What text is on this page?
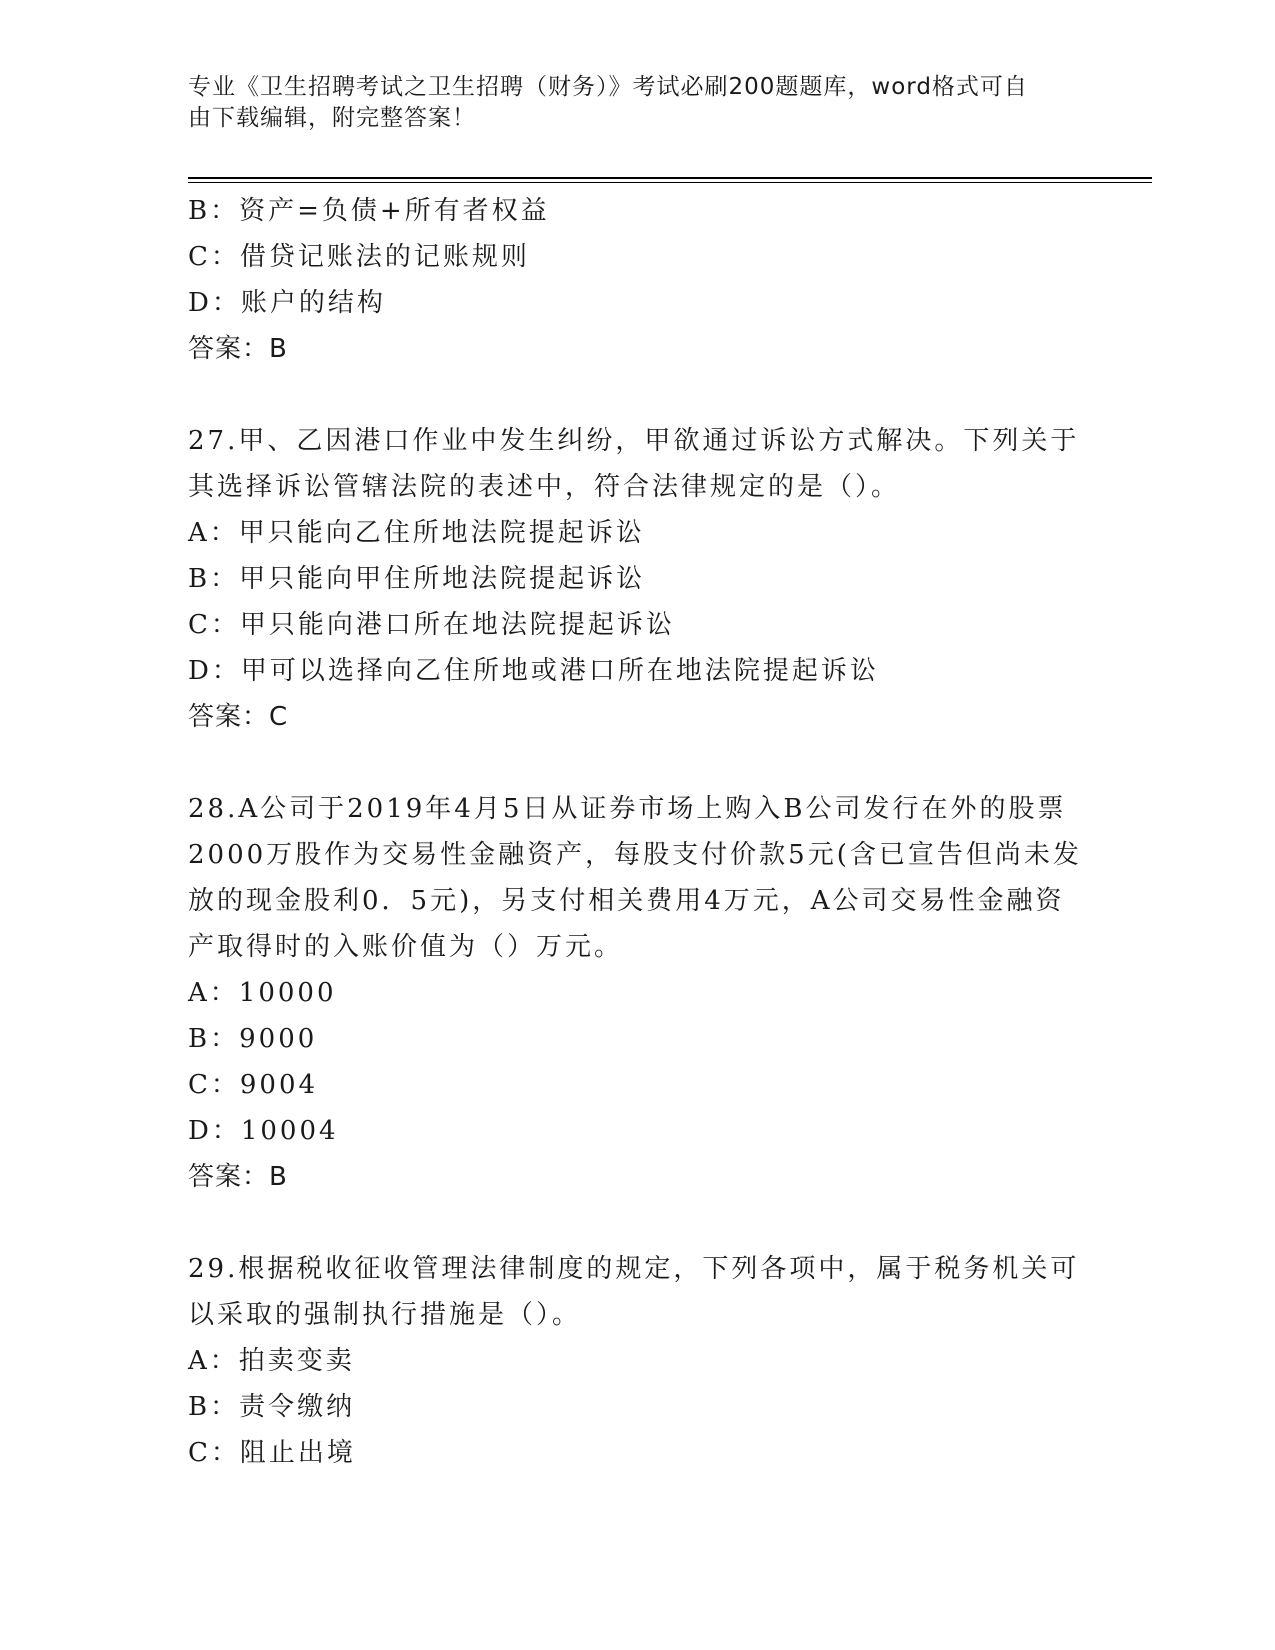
专业《卫生招聘考试之卫生招聘（财务）》考试必刷200题题库，word格式可自
由下载编辑，附完整答案！
B：资产=负债+所有者权益
C：借贷记账法的记账规则
D：账户的结构
答案：B
27.甲、乙因港口作业中发生纠纷，甲欲通过诉讼方式解决。下列关于
其选择诉讼管辖法院的表述中，符合法律规定的是（）。
A：甲只能向乙住所地法院提起诉讼
B：甲只能向甲住所地法院提起诉讼
C：甲只能向港口所在地法院提起诉讼
D：甲可以选择向乙住所地或港口所在地法院提起诉讼
答案：C
28.A公司于2019年4月5日从证券市场上购入B公司发行在外的股票
2000万股作为交易性金融资产，每股支付价款5元(含已宣告但尚未发
放的现金股利0．5元)，另支付相关费用4万元，A公司交易性金融资
产取得时的入账价值为（）万元。
A：10000
B：9000
C：9004
D：10004
答案：B
29.根据税收征收管理法律制度的规定，下列各项中，属于税务机关可
以采取的强制执行措施是（）。
A：拍卖变卖
B：责令缴纳
C：阻止出境
